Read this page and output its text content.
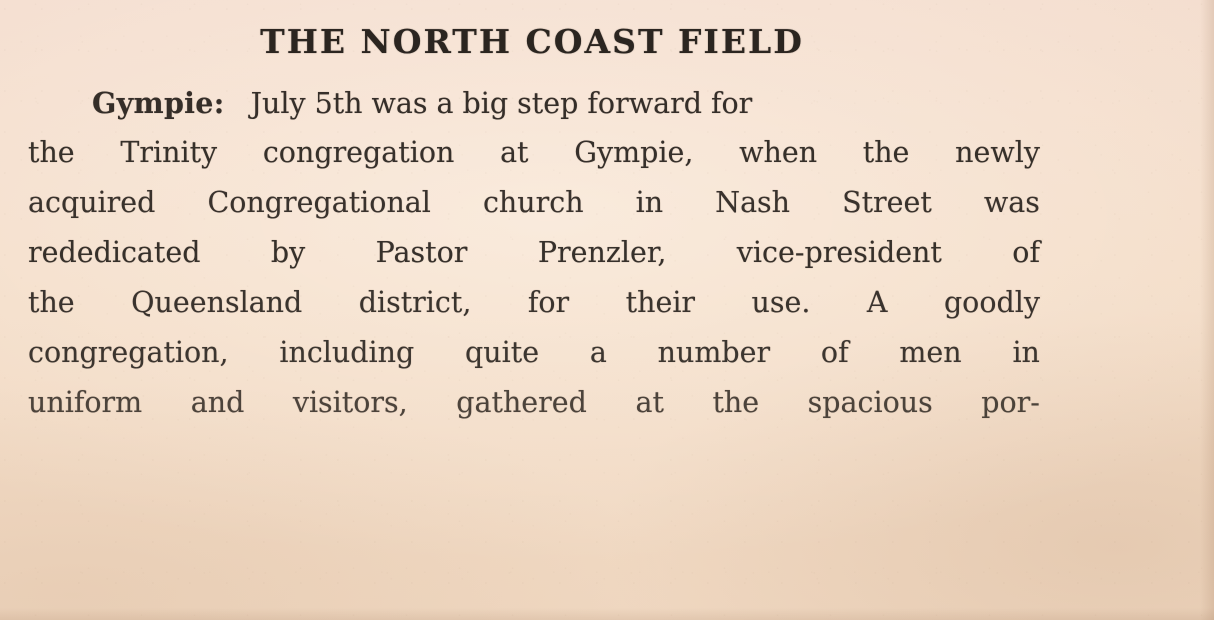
THE NORTH COAST FIELD
Gympie: July 5th was a big step forward for
the Trinity congregation at Gympie, when the newly
acquired Congregational church in Nash Street was
rededicated by Pastor Prenzler, vice-president of
the Queensland district, for their use. A goodly
congregation, including quite a number of men in
uniform and visitors, gathered at the spacious por-
